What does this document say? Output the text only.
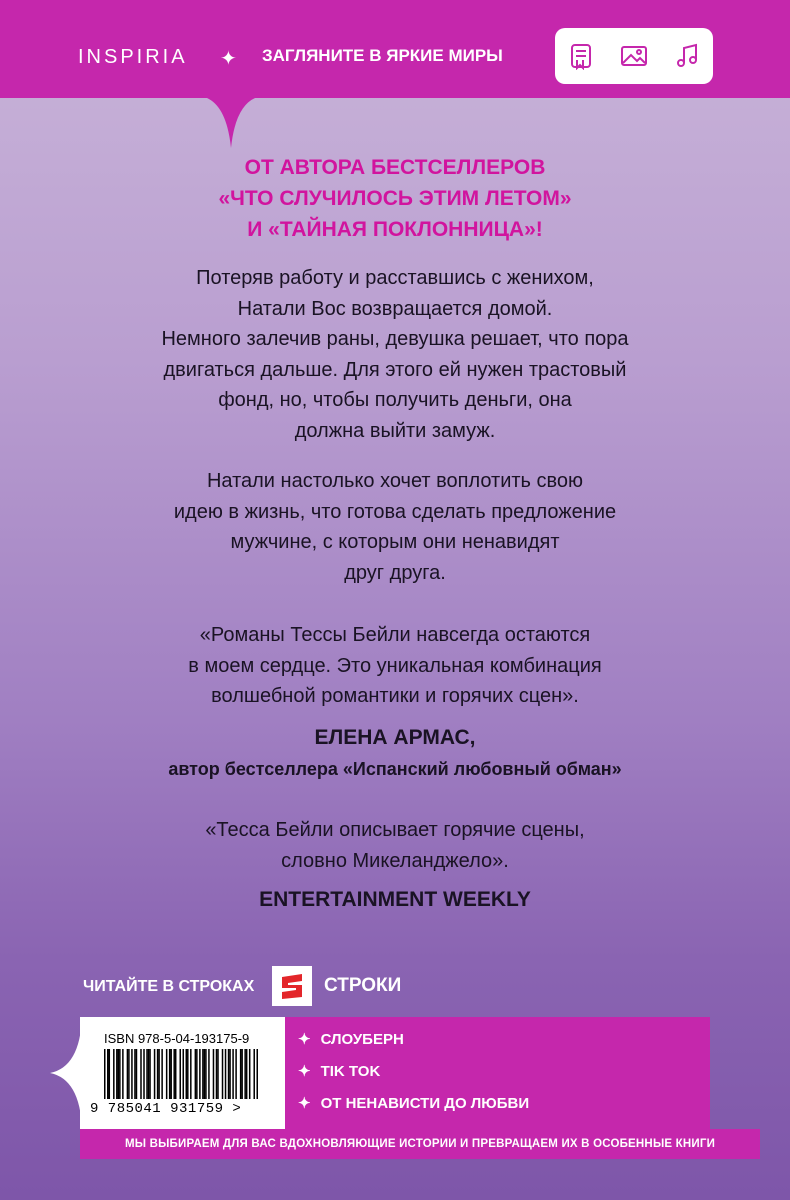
INSPIRIA ✦ ЗАГЛЯНИТЕ В ЯРКИЕ МИРЫ
ОТ АВТОРА БЕСТСЕЛЛЕРОВ
«ЧТО СЛУЧИЛОСЬ ЭТИМ ЛЕТОМ»
И «ТАЙНАЯ ПОКЛОННИЦА»!
Потеряв работу и расставшись с женихом,
Натали Вос возвращается домой.
Немного залечив раны, девушка решает, что пора
двигаться дальше. Для этого ей нужен трастовый
фонд, но, чтобы получить деньги, она
должна выйти замуж.
Натали настолько хочет воплотить свою
идею в жизнь, что готова сделать предложение
мужчине, с которым они ненавидят
друг друга.
«Романы Тессы Бейли навсегда остаются
в моем сердце. Это уникальная комбинация
волшебной романтики и горячих сцен».
ЕЛЕНА АРМАС,
автор бестселлера «Испанский любовный обман»
«Тесса Бейли описывает горячие сцены,
словно Микеланджело».
ENTERTAINMENT WEEKLY
ЧИТАЙТЕ В СТРОКАХ	СТРОКИ
ISBN 978-5-04-193175-9
9 785041 931759 >
✦ СЛОУБЕРН
✦ TIK TOK
✦ ОТ НЕНАВИСТИ ДО ЛЮБВИ
МЫ ВЫБИРАЕМ ДЛЯ ВАС ВДОХНОВЛЯЮЩИЕ ИСТОРИИ И ПРЕВРАЩАЕМ ИХ В ОСОБЕННЫЕ КНИГИ
